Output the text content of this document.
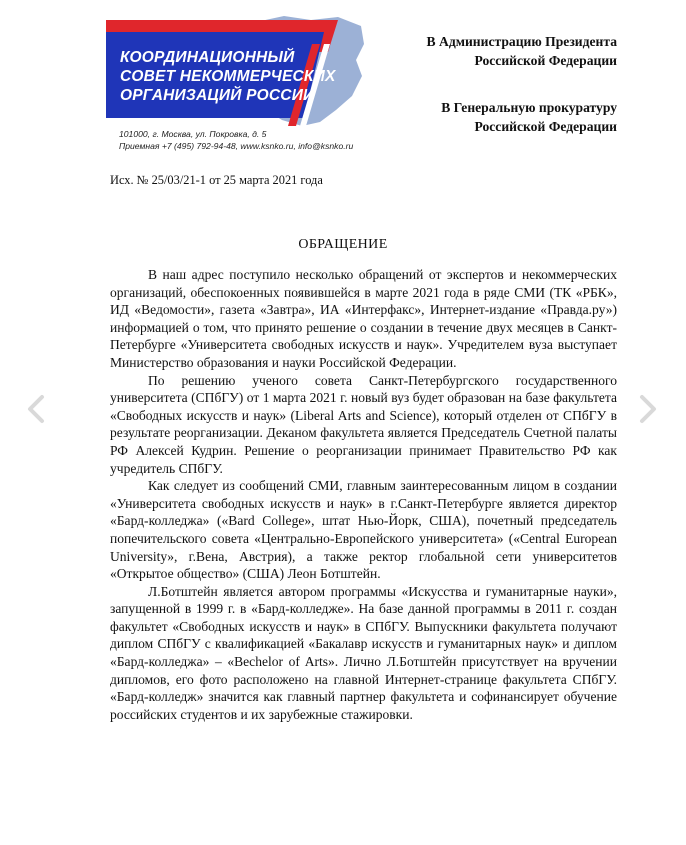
КООРДИНАЦИОННЫЙ
СОВЕТ НЕКОММЕРЧЕСКИХ
ОРГАНИЗАЦИЙ РОССИИ
101000, г. Москва, ул. Покровка, д. 5
Приемная +7 (495) 792-94-48, www.ksnko.ru, info@ksnko.ru
В Администрацию Президента
Российской Федерации
В Генеральную прокуратуру
Российской Федерации
Исх. № 25/03/21-1 от 25 марта 2021 года
ОБРАЩЕНИЕ

В наш адрес поступило несколько обращений от экспертов и некоммерческих организаций, обеспокоенных появившейся в марте 2021 года в ряде СМИ (ТК «РБК», ИД «Ведомости», газета «Завтра», ИА «Интерфакс», Интернет-издание «Правда.ру») информацией о том, что принято решение о создании в течение двух месяцев в Санкт-Петербурге «Университета свободных искусств и наук». Учредителем вуза выступает Министерство образования и науки Российской Федерации.

По решению ученого совета Санкт-Петербургского государственного университета (СПбГУ) от 1 марта 2021 г. новый вуз будет образован на базе факультета «Свободных искусств и наук» (Liberal Arts and Science), который отделен от СПбГУ в результате реорганизации. Деканом факультета является Председатель Счетной палаты РФ Алексей Кудрин. Решение о реорганизации принимает Правительство РФ как учредитель СПбГУ.

Как следует из сообщений СМИ, главным заинтересованным лицом в создании «Университета свободных искусств и наук» в г.Санкт-Петербурге является директор «Бард-колледжа» («Bard College», штат Нью-Йорк, США), почетный председатель попечительского совета «Центрально-Европейского университета» («Central European University», г.Вена, Австрия), а также ректор глобальной сети университетов «Открытое общество» (США) Леон Ботштейн.

Л.Ботштейн является автором программы «Искусства и гуманитарные науки», запущенной в 1999 г. в «Бард-колледже». На базе данной программы в 2011 г. создан факультет «Свободных искусств и наук» в СПбГУ. Выпускники факультета получают диплом СПбГУ с квалификацией «Бакалавр искусств и гуманитарных наук» и диплом «Бард-колледжа» – «Bechelor of Arts». Лично Л.Ботштейн присутствует на вручении дипломов, его фото расположено на главной Интернет-странице факультета СПбГУ. «Бард-колледж» значится как главный партнер факультета и софинансирует обучение российских студентов и их зарубежные стажировки.
